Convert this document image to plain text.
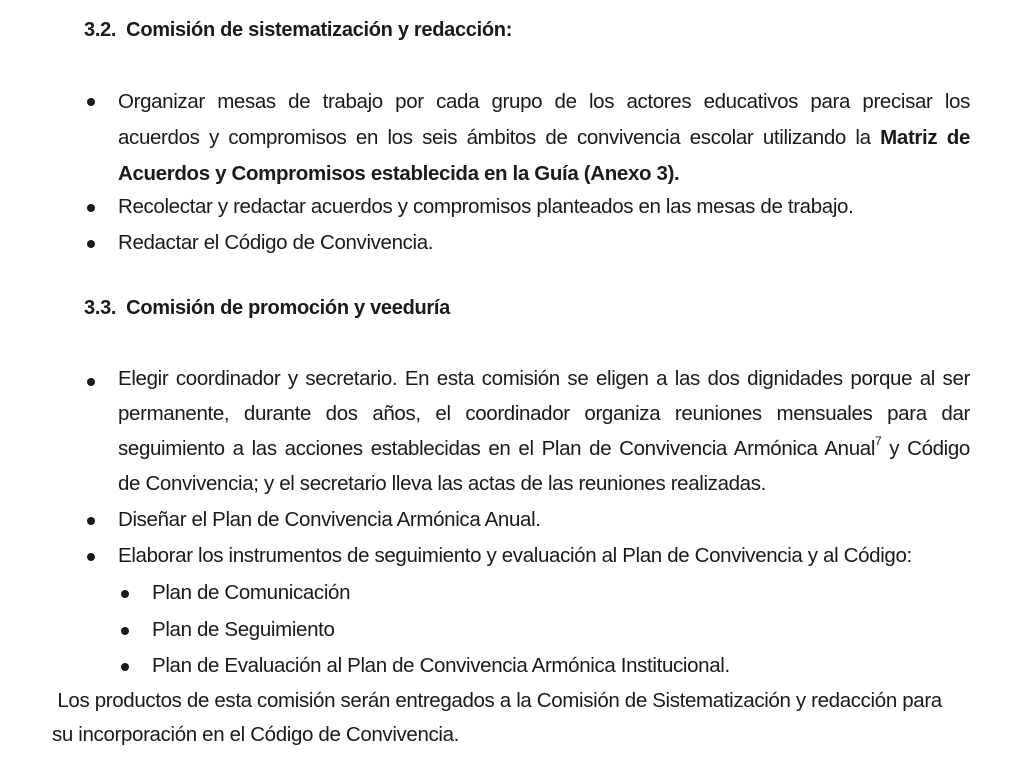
3.2. Comisión de sistematización y redacción:
Organizar mesas de trabajo por cada grupo de los actores educativos para precisar los
acuerdos y compromisos en los seis ámbitos de convivencia escolar utilizando la Matriz de
Acuerdos y Compromisos establecida en la Guía (Anexo 3).
Recolectar y redactar acuerdos y compromisos planteados en las mesas de trabajo.
Redactar el Código de Convivencia.
3.3. Comisión de promoción y veeduría
Elegir coordinador y secretario. En esta comisión se eligen a las dos dignidades porque al ser
permanente, durante dos años, el coordinador organiza reuniones mensuales para dar
seguimiento a las acciones establecidas en el Plan de Convivencia Armónica Anual$^7$ y Código
de Convivencia; y el secretario lleva las actas de las reuniones realizadas.
Diseñar el Plan de Convivencia Armónica Anual.
Elaborar los instrumentos de seguimiento y evaluación al Plan de Convivencia y al Código:
Plan de Comunicación
Plan de Seguimiento
Plan de Evaluación al Plan de Convivencia Armónica Institucional.
Los productos de esta comisión serán entregados a la Comisión de Sistematización y redacción para
su incorporación en el Código de Convivencia.
